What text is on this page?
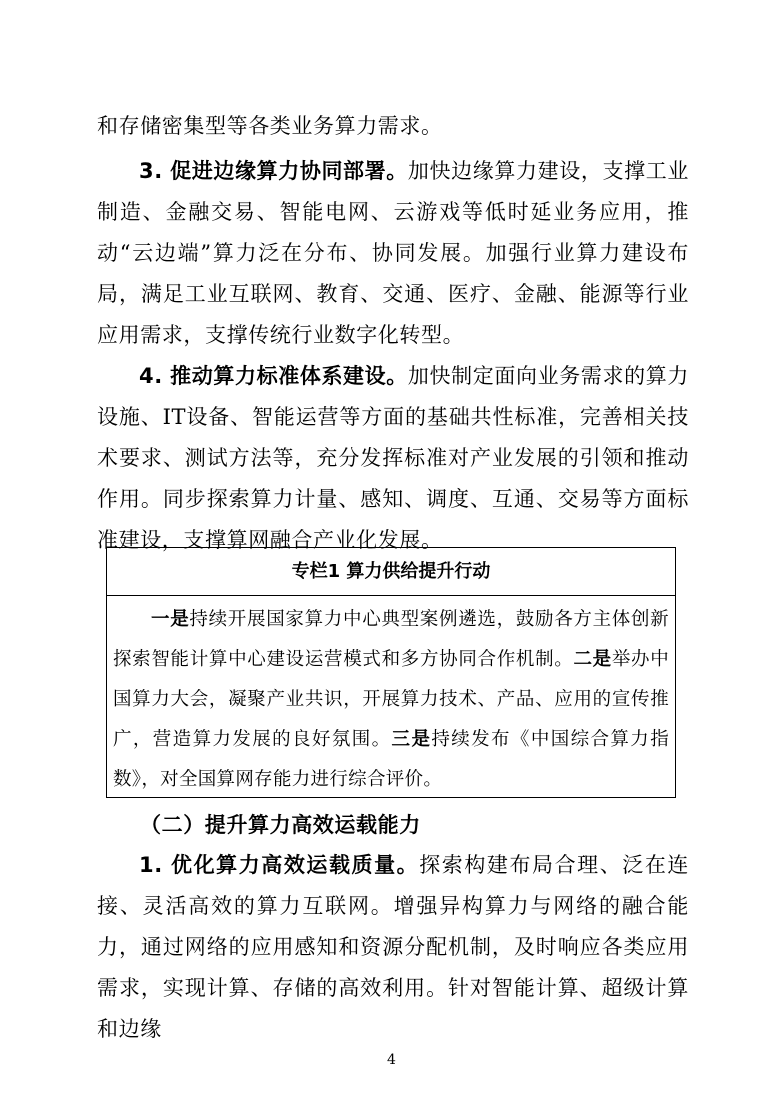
和存储密集型等各类业务算力需求。

3. 促进边缘算力协同部署。加快边缘算力建设，支撑工业制造、金融交易、智能电网、云游戏等低时延业务应用，推动“云边端”算力泛在分布、协同发展。加强行业算力建设布局，满足工业互联网、教育、交通、医疗、金融、能源等行业应用需求，支撑传统行业数字化转型。

4. 推动算力标准体系建设。加快制定面向业务需求的算力设施、IT设备、智能运营等方面的基础共性标准，完善相关技术要求、测试方法等，充分发挥标准对产业发展的引领和推动作用。同步探索算力计量、感知、调度、互通、交易等方面标准建设，支撑算网融合产业化发展。

专栏1 算力供给提升行动
一是持续开展国家算力中心典型案例遴选，鼓励各方主体创新探索智能计算中心建设运营模式和多方协同合作机制。二是举办中国算力大会，凝聚产业共识，开展算力技术、产品、应用的宣传推广，营造算力发展的良好氛围。三是持续发布《中国综合算力指数》，对全国算网存能力进行综合评价。
（二）提升算力高效运载能力

1. 优化算力高效运载质量。探索构建布局合理、泛在连接、灵活高效的算力互联网。增强异构算力与网络的融合能力，通过网络的应用感知和资源分配机制，及时响应各类应用需求，实现计算、存储的高效利用。针对智能计算、超级计算和边缘

4
